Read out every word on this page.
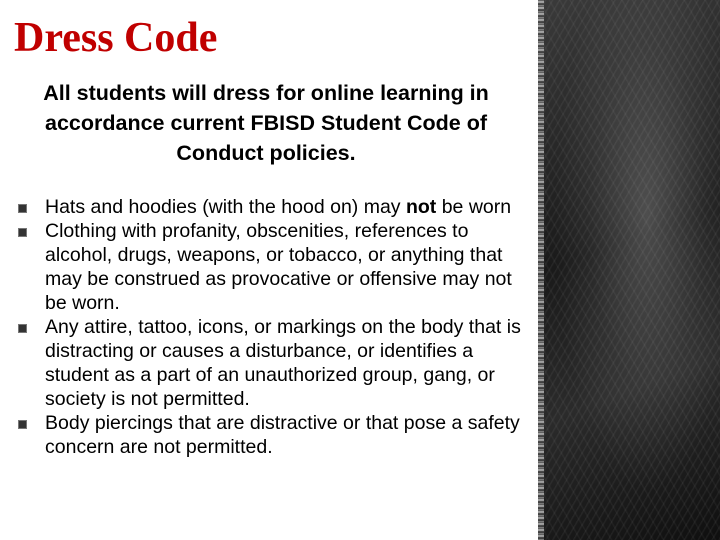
Dress Code
All students will dress for online learning in accordance current FBISD Student Code of Conduct policies.
Hats and hoodies (with the hood on) may not be worn
Clothing with profanity, obscenities, references to alcohol, drugs, weapons, or tobacco, or anything that may be construed as provocative or offensive may not be worn.
Any attire, tattoo, icons, or markings on the body that is distracting or causes a disturbance, or identifies a student as a part of an unauthorized group, gang, or society is not permitted.
Body piercings that are distractive or that pose a safety concern are not permitted.
